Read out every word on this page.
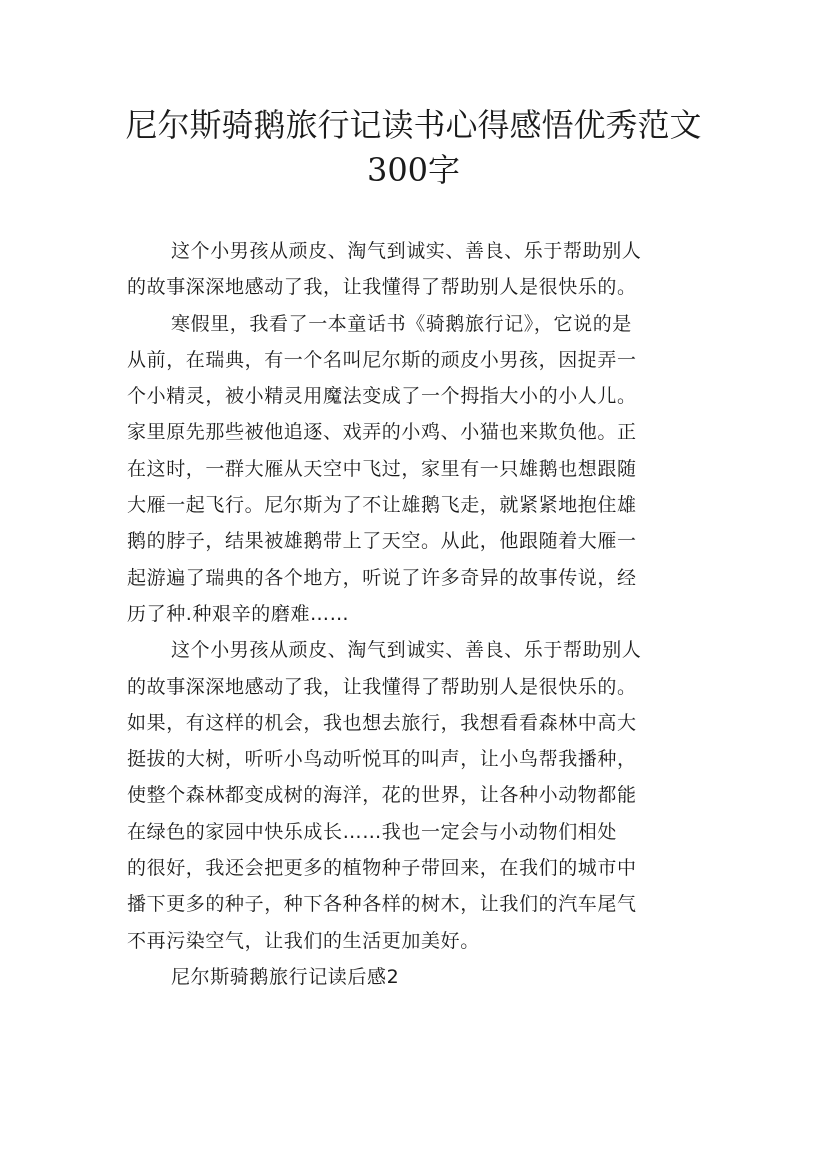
尼尔斯骑鹅旅行记读书心得感悟优秀范文
300字
这个小男孩从顽皮、淘气到诚实、善良、乐于帮助别人
的故事深深地感动了我，让我懂得了帮助别人是很快乐的。
寒假里，我看了一本童话书《骑鹅旅行记》，它说的是
从前，在瑞典，有一个名叫尼尔斯的顽皮小男孩，因捉弄一
个小精灵，被小精灵用魔法变成了一个拇指大小的小人儿。
家里原先那些被他追逐、戏弄的小鸡、小猫也来欺负他。正
在这时，一群大雁从天空中飞过，家里有一只雄鹅也想跟随
大雁一起飞行。尼尔斯为了不让雄鹅飞走，就紧紧地抱住雄
鹅的脖子，结果被雄鹅带上了天空。从此，他跟随着大雁一
起游遍了瑞典的各个地方，听说了许多奇异的故事传说，经
历了种.种艰辛的磨难……
这个小男孩从顽皮、淘气到诚实、善良、乐于帮助别人
的故事深深地感动了我，让我懂得了帮助别人是很快乐的。
如果，有这样的机会，我也想去旅行，我想看看森林中高大
挺拔的大树，听听小鸟动听悦耳的叫声，让小鸟帮我播种，
使整个森林都变成树的海洋，花的世界，让各种小动物都能
在绿色的家园中快乐成长……我也一定会与小动物们相处
的很好，我还会把更多的植物种子带回来，在我们的城市中
播下更多的种子，种下各种各样的树木，让我们的汽车尾气
不再污染空气，让我们的生活更加美好。
尼尔斯骑鹅旅行记读后感2
